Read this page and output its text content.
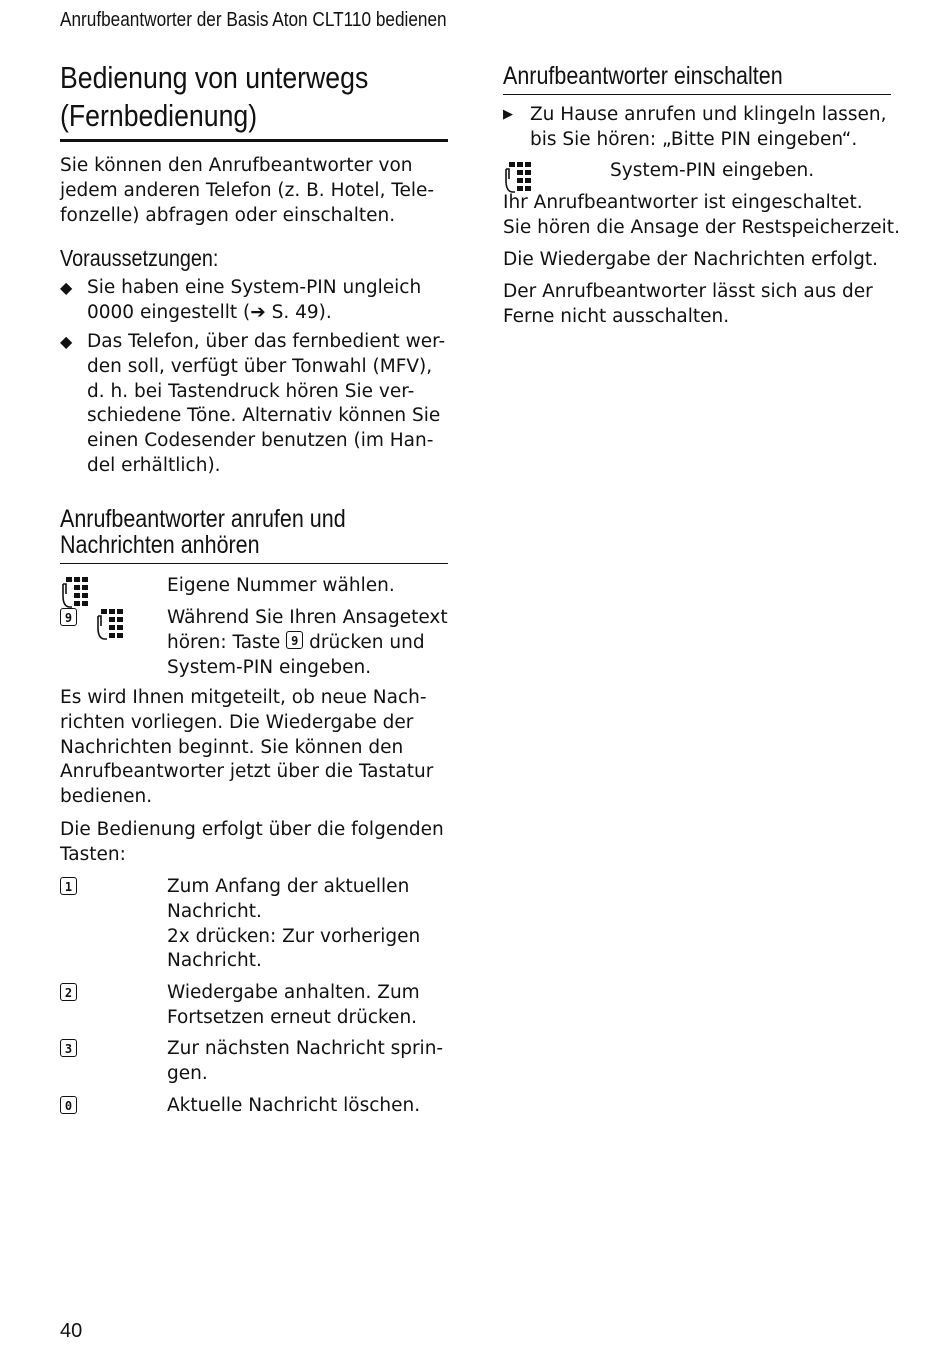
Anrufbeantworter der Basis Aton CLT110 bedienen
Bedienung von unterwegs
(Fernbedienung)
Sie können den Anrufbeantworter von
jedem anderen Telefon (z. B. Hotel, Tele-
fonzelle) abfragen oder einschalten.
Voraussetzungen:
◆ Sie haben eine System-PIN ungleich
0000 eingestellt (➔ S. 49).
◆ Das Telefon, über das fernbedient wer-
den soll, verfügt über Tonwahl (MFV),
d. h. bei Tastendruck hören Sie ver-
schiedene Töne. Alternativ können Sie
einen Codesender benutzen (im Han-
del erhältlich).
Anrufbeantworter anrufen und
Nachrichten anhören
Eigene Nummer wählen.
9	Während Sie Ihren Ansagetext
hören: Taste 9 drücken und
System-PIN eingeben.
Es wird Ihnen mitgeteilt, ob neue Nach-
richten vorliegen. Die Wiedergabe der
Nachrichten beginnt. Sie können den
Anrufbeantworter jetzt über die Tastatur
bedienen.
Die Bedienung erfolgt über die folgenden
Tasten:
1	Zum Anfang der aktuellen
Nachricht.
2x drücken: Zur vorherigen
Nachricht.
2	Wiedergabe anhalten. Zum
Fortsetzen erneut drücken.
3	Zur nächsten Nachricht sprin-
gen.
0	Aktuelle Nachricht löschen.
Anrufbeantworter einschalten
▶ Zu Hause anrufen und klingeln lassen,
bis Sie hören: „Bitte PIN eingeben“.
System-PIN eingeben.
Ihr Anrufbeantworter ist eingeschaltet.
Sie hören die Ansage der Restspeicherzeit.
Die Wiedergabe der Nachrichten erfolgt.
Der Anrufbeantworter lässt sich aus der
Ferne nicht ausschalten.
40
